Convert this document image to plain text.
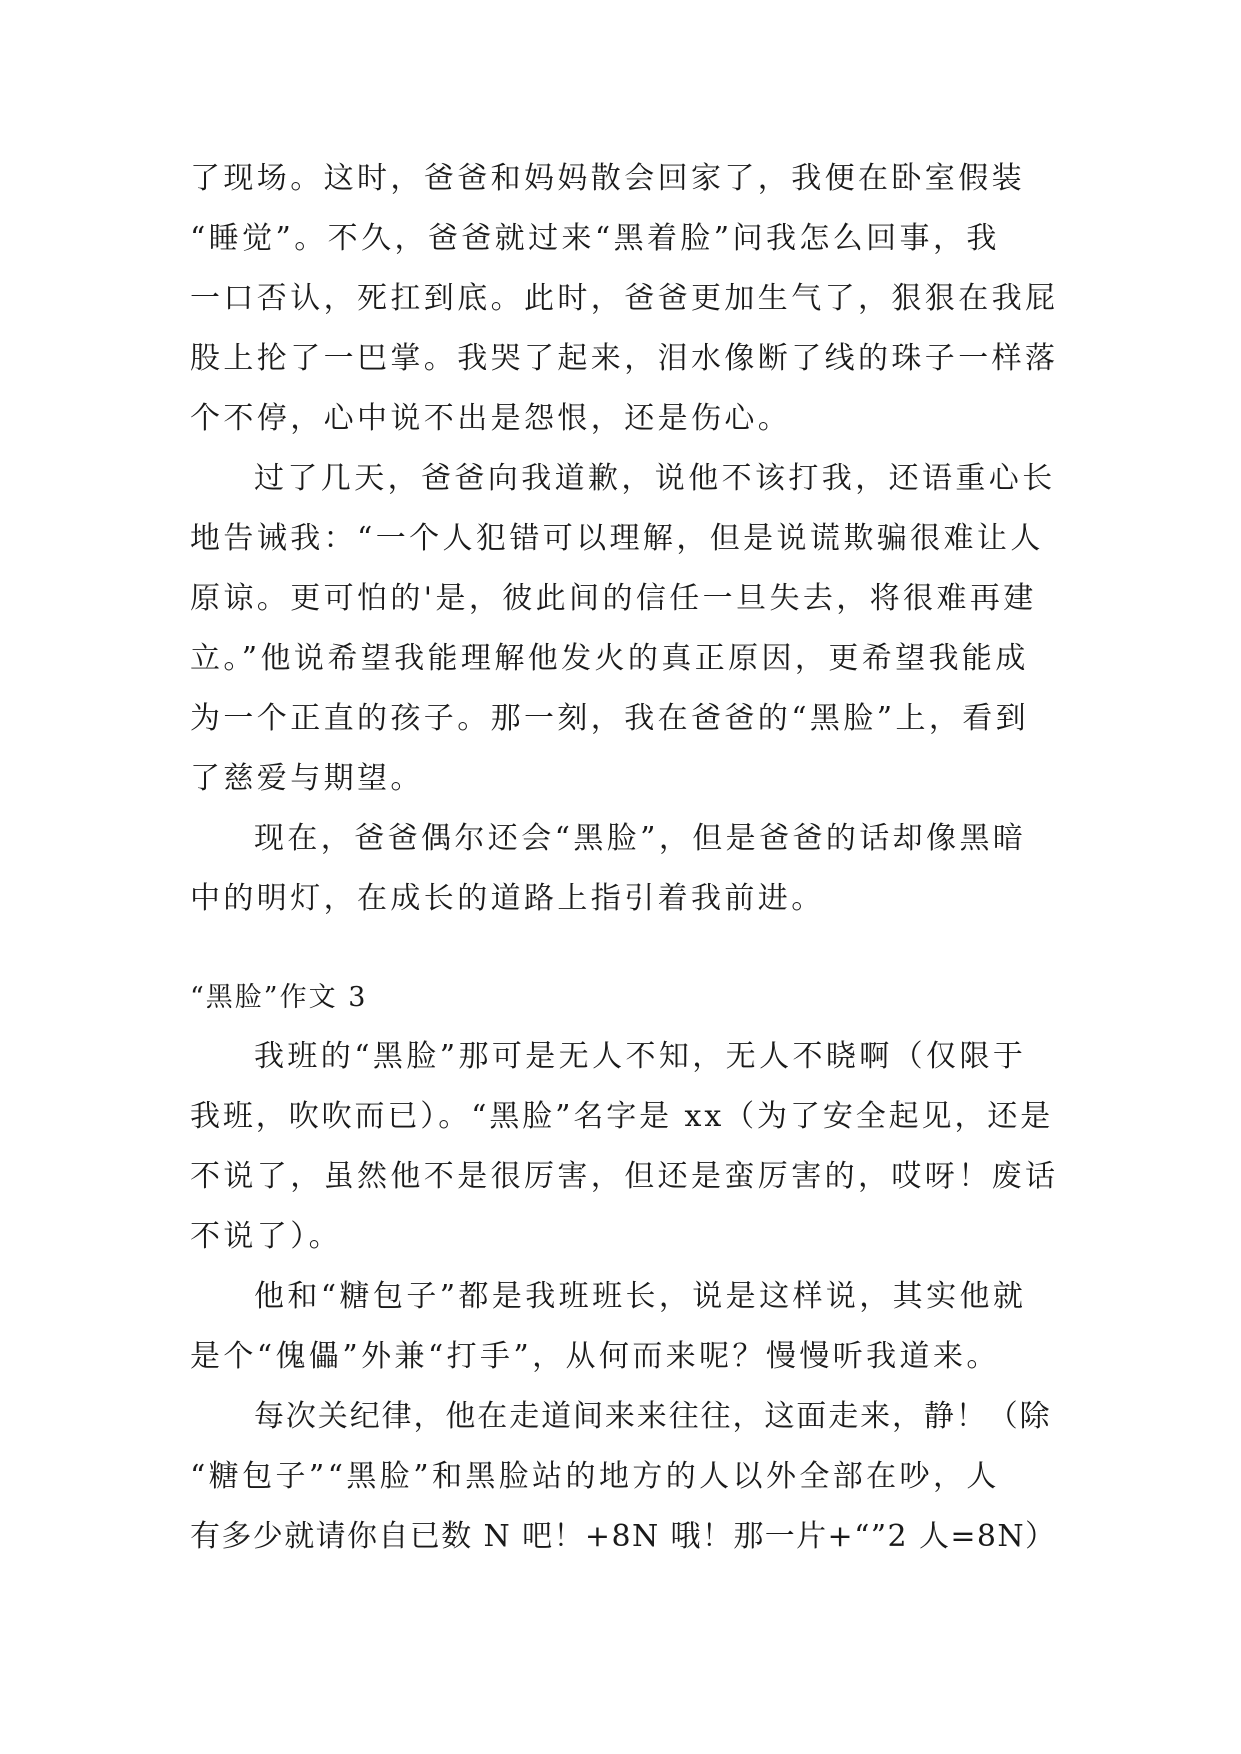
了现场。这时，爸爸和妈妈散会回家了，我便在卧室假装
“睡觉”。不久，爸爸就过来“黑着脸”问我怎么回事，我
一口否认，死扛到底。此时，爸爸更加生气了，狠狠在我屁
股上抡了一巴掌。我哭了起来，泪水像断了线的珠子一样落
个不停，心中说不出是怨恨，还是伤心。
过了几天，爸爸向我道歉，说他不该打我，还语重心长
地告诫我：“一个人犯错可以理解，但是说谎欺骗很难让人
原谅。更可怕的'是，彼此间的信任一旦失去，将很难再建
立。”他说希望我能理解他发火的真正原因，更希望我能成
为一个正直的孩子。那一刻，我在爸爸的“黑脸”上，看到
了慈爱与期望。
现在，爸爸偶尔还会“黑脸”，但是爸爸的话却像黑暗
中的明灯，在成长的道路上指引着我前进。
“黑脸”作文 3
我班的“黑脸”那可是无人不知，无人不晓啊（仅限于
我班，吹吹而已）。“黑脸”名字是 xx（为了安全起见，还是
不说了，虽然他不是很厉害，但还是蛮厉害的，哎呀！废话
不说了）。
他和“糖包子”都是我班班长，说是这样说，其实他就
是个“傀儡”外兼“打手”，从何而来呢？慢慢听我道来。
每次关纪律，他在走道间来来往往，这面走来，静！（除
“糖包子”“黑脸”和黑脸站的地方的人以外全部在吵，人
有多少就请你自已数 N 吧！+8N 哦！那一片+“”2 人=8N）
